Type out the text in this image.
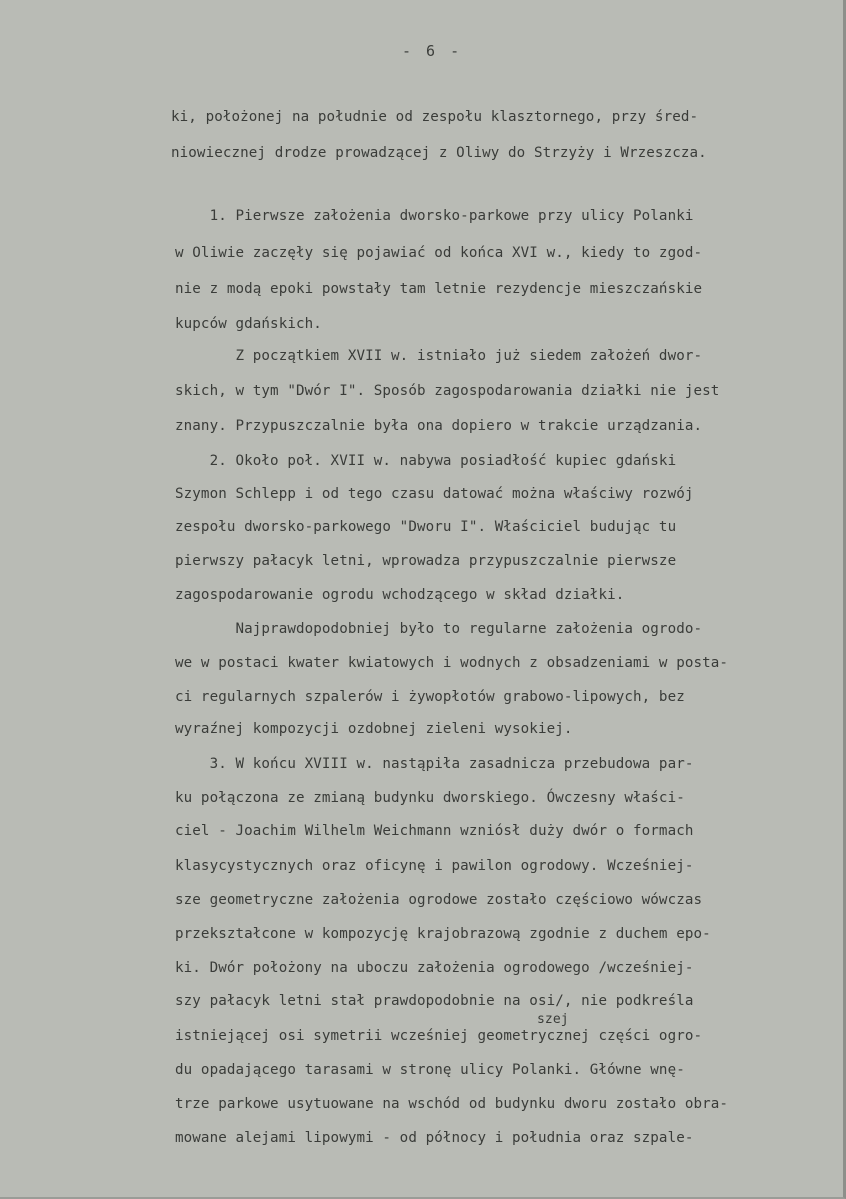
- 6 -
ki, położonej na południe od zespołu klasztornego, przy śred-
niowiecznej drodze prowadzącej z Oliwy do Strzyży i Wrzeszcza.
1. Pierwsze założenia dworsko-parkowe przy ulicy Polanki
w Oliwie zaczęły się pojawiać od końca XVI w., kiedy to zgod-
nie z modą epoki powstały tam letnie rezydencje mieszczańskie
kupców gdańskich.
Z początkiem XVII w. istniało już siedem założeń dwor-
skich, w tym "Dwór I". Sposób zagospodarowania działki nie jest
znany. Przypuszczalnie była ona dopiero w trakcie urządzania.
2. Około poł. XVII w. nabywa posiadłość kupiec gdański
Szymon Schlepp i od tego czasu datować można właściwy rozwój
zespołu dworsko-parkowego "Dworu I". Właściciel budując tu
pierwszy pałacyk letni, wprowadza przypuszczalnie pierwsze
zagospodarowanie ogrodu wchodzącego w skład działki.
Najprawdopodobniej było to regularne założenia ogrodo-
we w postaci kwater kwiatowych i wodnych z obsadzeniami w posta-
ci regularnych szpalerów i żywopłotów grabowo-lipowych, bez
wyraźnej kompozycji ozdobnej zieleni wysokiej.
3. W końcu XVIII w. nastąpiła zasadnicza przebudowa par-
ku połączona ze zmianą budynku dworskiego. Ówczesny właści-
ciel - Joachim Wilhelm Weichmann wzniósł duży dwór o formach
klasycystycznych oraz oficynę i pawilon ogrodowy. Wcześniej-
sze geometryczne założenia ogrodowe zostało częściowo wówczas
przekształcone w kompozycję krajobrazową zgodnie z duchem epo-
ki. Dwór położony na uboczu założenia ogrodowego /wcześniej-
szy pałacyk letni stał prawdopodobnie na osi/, nie podkreśla
szej
istniejącej osi symetrii wcześniej geometrycznej części ogro-
du opadającego tarasami w stronę ulicy Polanki. Główne wnę-
trze parkowe usytuowane na wschód od budynku dworu zostało obra-
mowane alejami lipowymi - od północy i południa oraz szpale-
